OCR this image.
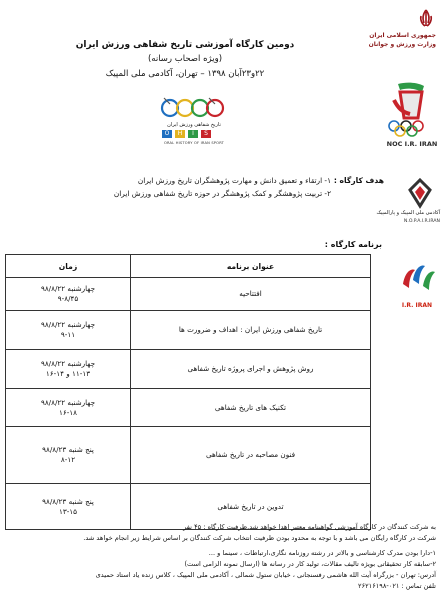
دومین کارگاه آموزشی تاریخ شفاهی ورزش ایران
(ویژه اصحاب رسانه)
۲۲و۲۳آبان ۱۳۹۸ – تهران، آکادمی ملی المپیک
جمهوری اسلامی ایران
وزارت ورزش و جوانان
NOC I.R. IRAN
آکادمی ملی المپیک و پارالمپیک
N.O.P.A.I.R.IRAN
I.R. IRAN
تاریخ شفاهی ورزش ایران
O	H	I	S
ORAL HISTORY OF IRAN SPORT
هدف کارگاه :
۱- ارتقاء و تعمیق دانش و مهارت پژوهشگران تاریخ ورزش ایران
۲- تربیت پژوهشگر و کمک پژوهشگر در حوزه تاریخ شفاهی ورزش ایران
برنامه کارگاه :
عنوان برنامه	زمان
افتتاحیه	چهارشنبه ۹۸/۸/۲۲
۹-۸/۴۵

تاریخ شفاهی ورزش ایران : اهداف و ضرورت ها	چهارشنبه ۹۸/۸/۲۲
۹-۱۱

روش پژوهش و اجرای پروژه تاریخ شفاهی	چهارشنبه ۹۸/۸/۲۲
۱۱-۱۳ و ۱۴-۱۶

تکنیک های تاریخ شفاهی	چهارشنبه ۹۸/۸/۲۲
۱۶-۱۸

فنون مصاحبه در تاریخ شفاهی	پنج شنبه ۹۸/۸/۲۳
۸-۱۲

تدوین در تاریخ شفاهی	پنج شنبه ۹۸/۸/۲۳
۱۳-۱۵
به شرکت کنندگان در کارگاه آموزشی گواهینامه معتبر اهدا خواهد شد.ظرفیت کارگاه : ۴۵ نفر
شرکت در کارگاه رایگان می باشد و با توجه به محدود بودن ظرفیت انتخاب شرکت کنندگان بر اساس شرایط زیر انجام خواهد شد.
۱-دارا بودن مدرک کارشناسی و بالاتر در رشته روزنامه نگاری،ارتباطات ، سینما و ...
۲-سابقه کار تحقیقاتی بویژه تالیف مقالات، تولید کار در رسانه ها (ارسال نمونه الزامی است)
آدرس: تهران - بزرگراه آیت الله هاشمی رفسنجانی ، خیابان ستول شمالی ، آکادمی ملی المپیک ، کلاس زنده یاد استاد حمیدی
تلفن تماس : ۰۲۱-۲۶۲۱۶۱۹۸
